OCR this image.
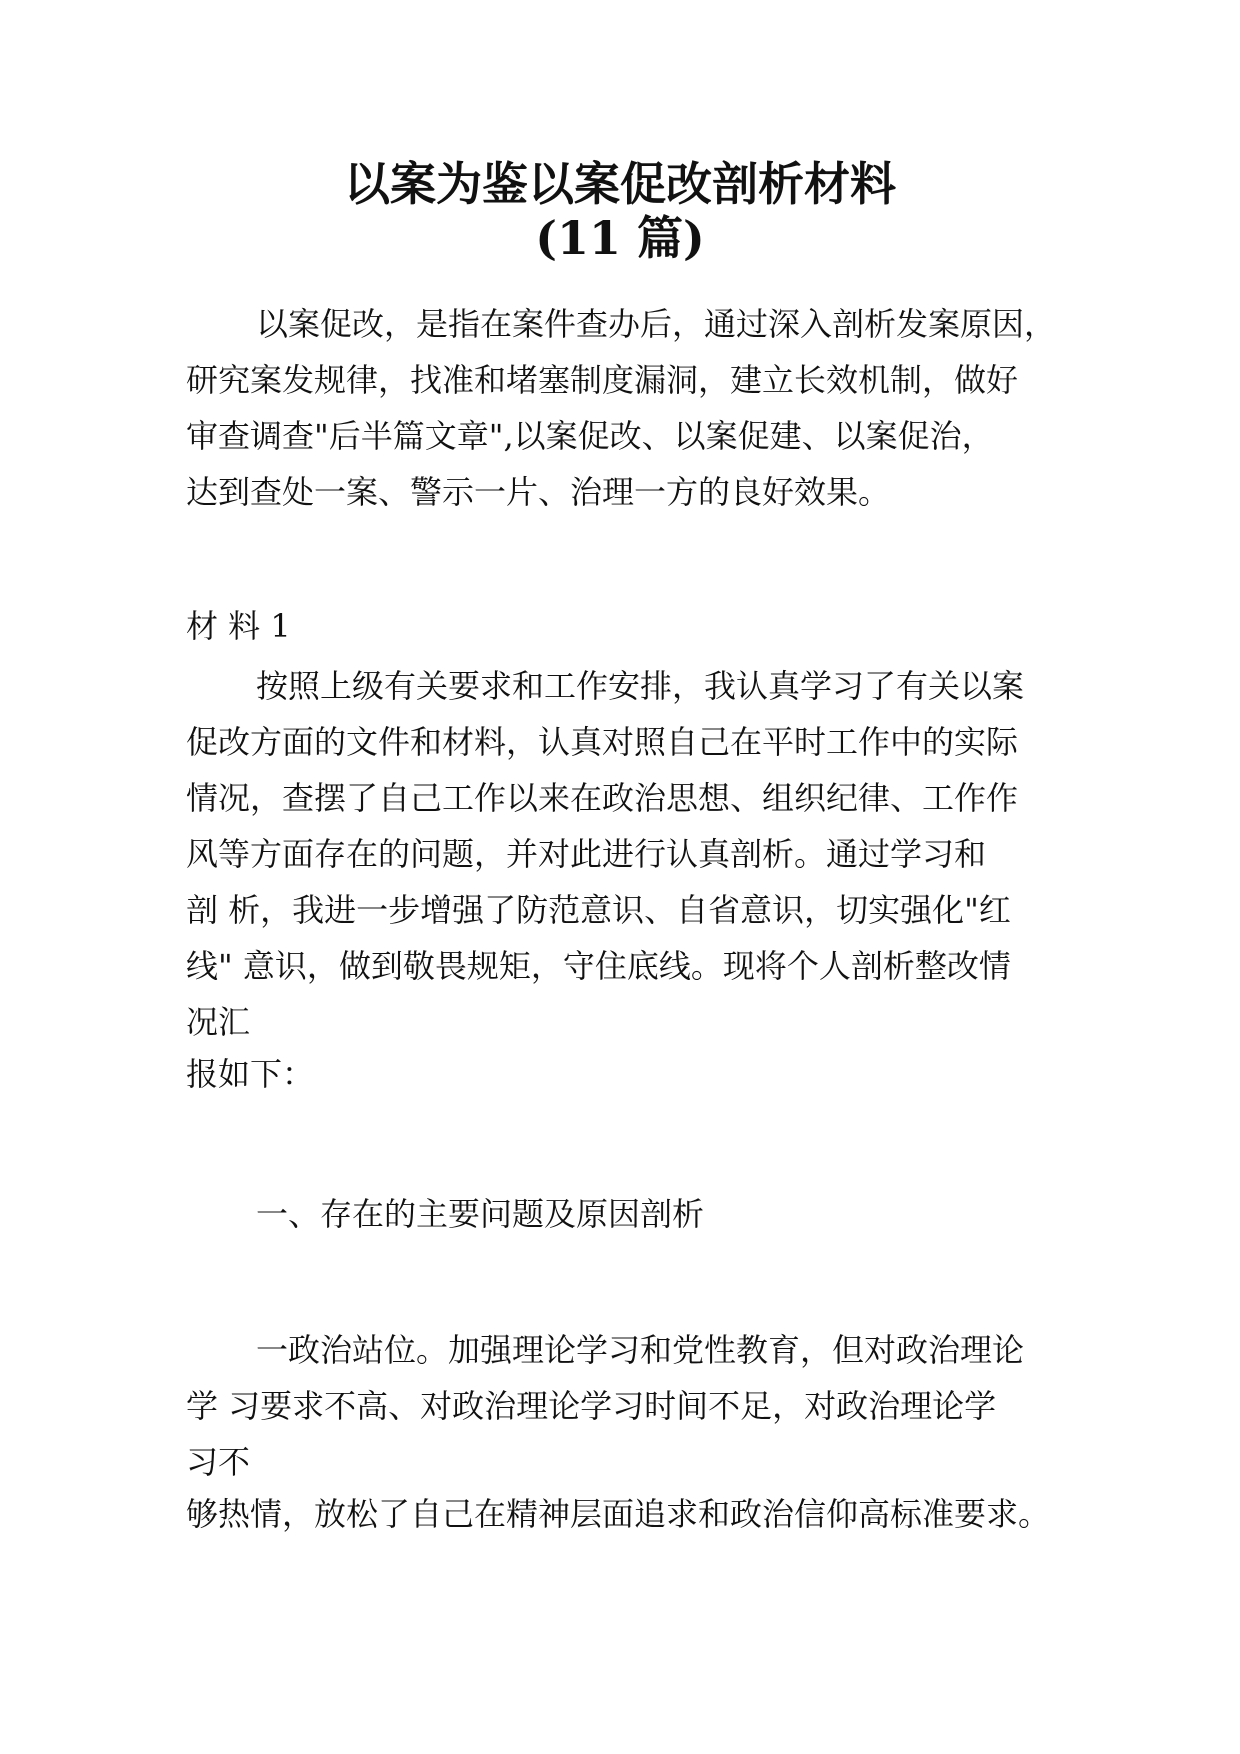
以案为鉴以案促改剖析材料
(11 篇)

以案促改，是指在案件查办后，通过深入剖析发案原因，

研究案发规律，找准和堵塞制度漏洞，建立长效机制，做好

审查调查"后半篇文章",以案促改、以案促建、以案促治，

达到查处一案、警示一片、治理一方的良好效果。

材 料 1

按照上级有关要求和工作安排，我认真学习了有关以案

促改方面的文件和材料，认真对照自己在平时工作中的实际

情况，查摆了自己工作以来在政治思想、组织纪律、工作作

风等方面存在的问题，并对此进行认真剖析。通过学习和

剖 析，我进一步增强了防范意识、自省意识，切实强化"红

线" 意识，做到敬畏规矩，守住底线。现将个人剖析整改情

况汇

报如下：

一、存在的主要问题及原因剖析

一政治站位。加强理论学习和党性教育，但对政治理论

学 习要求不高、对政治理论学习时间不足，对政治理论学

习不

够热情，放松了自己在精神层面追求和政治信仰高标准要求。
